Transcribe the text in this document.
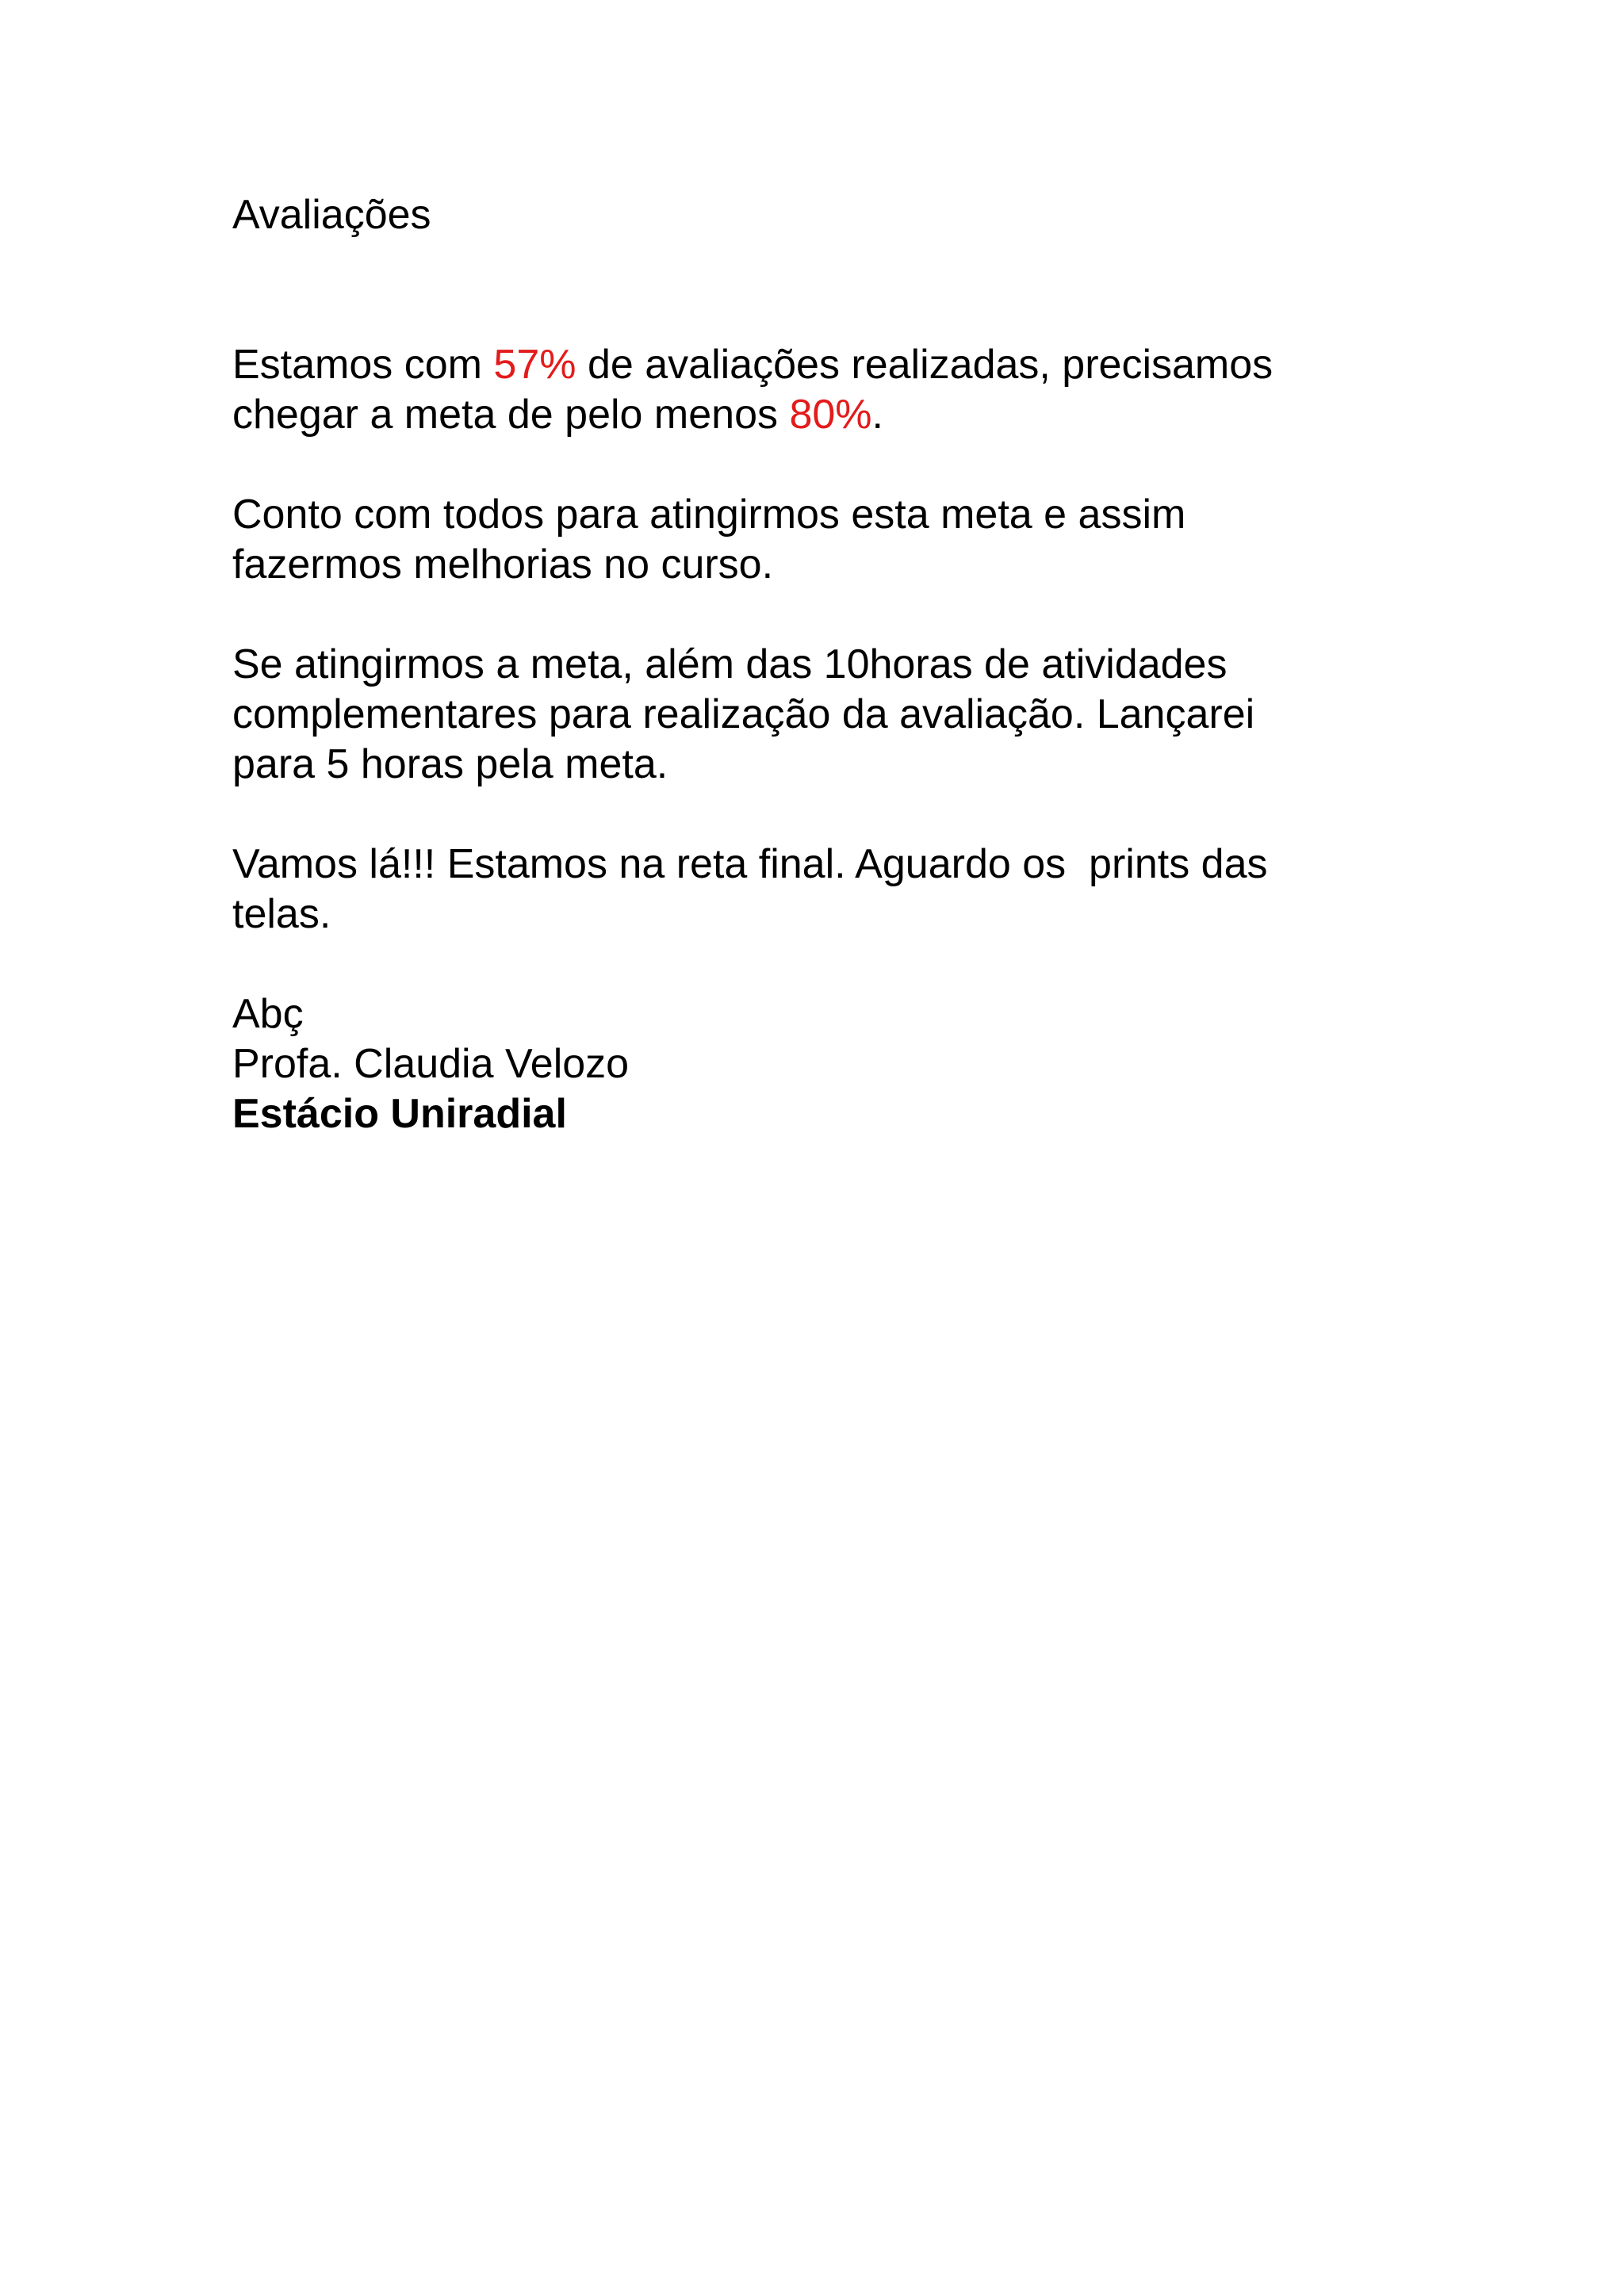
Avaliações

Estamos com 57% de avaliações realizadas, precisamos
chegar a meta de pelo menos 80%.

Conto com todos para atingirmos esta meta e assim
fazermos melhorias no curso.

Se atingirmos a meta, além das 10horas de atividades
complementares para realização da avaliação. Lançarei
para 5 horas pela meta.

Vamos lá!!! Estamos na reta final. Aguardo os  prints das
telas.

Abç
Profa. Claudia Velozo
Estácio Uniradial
